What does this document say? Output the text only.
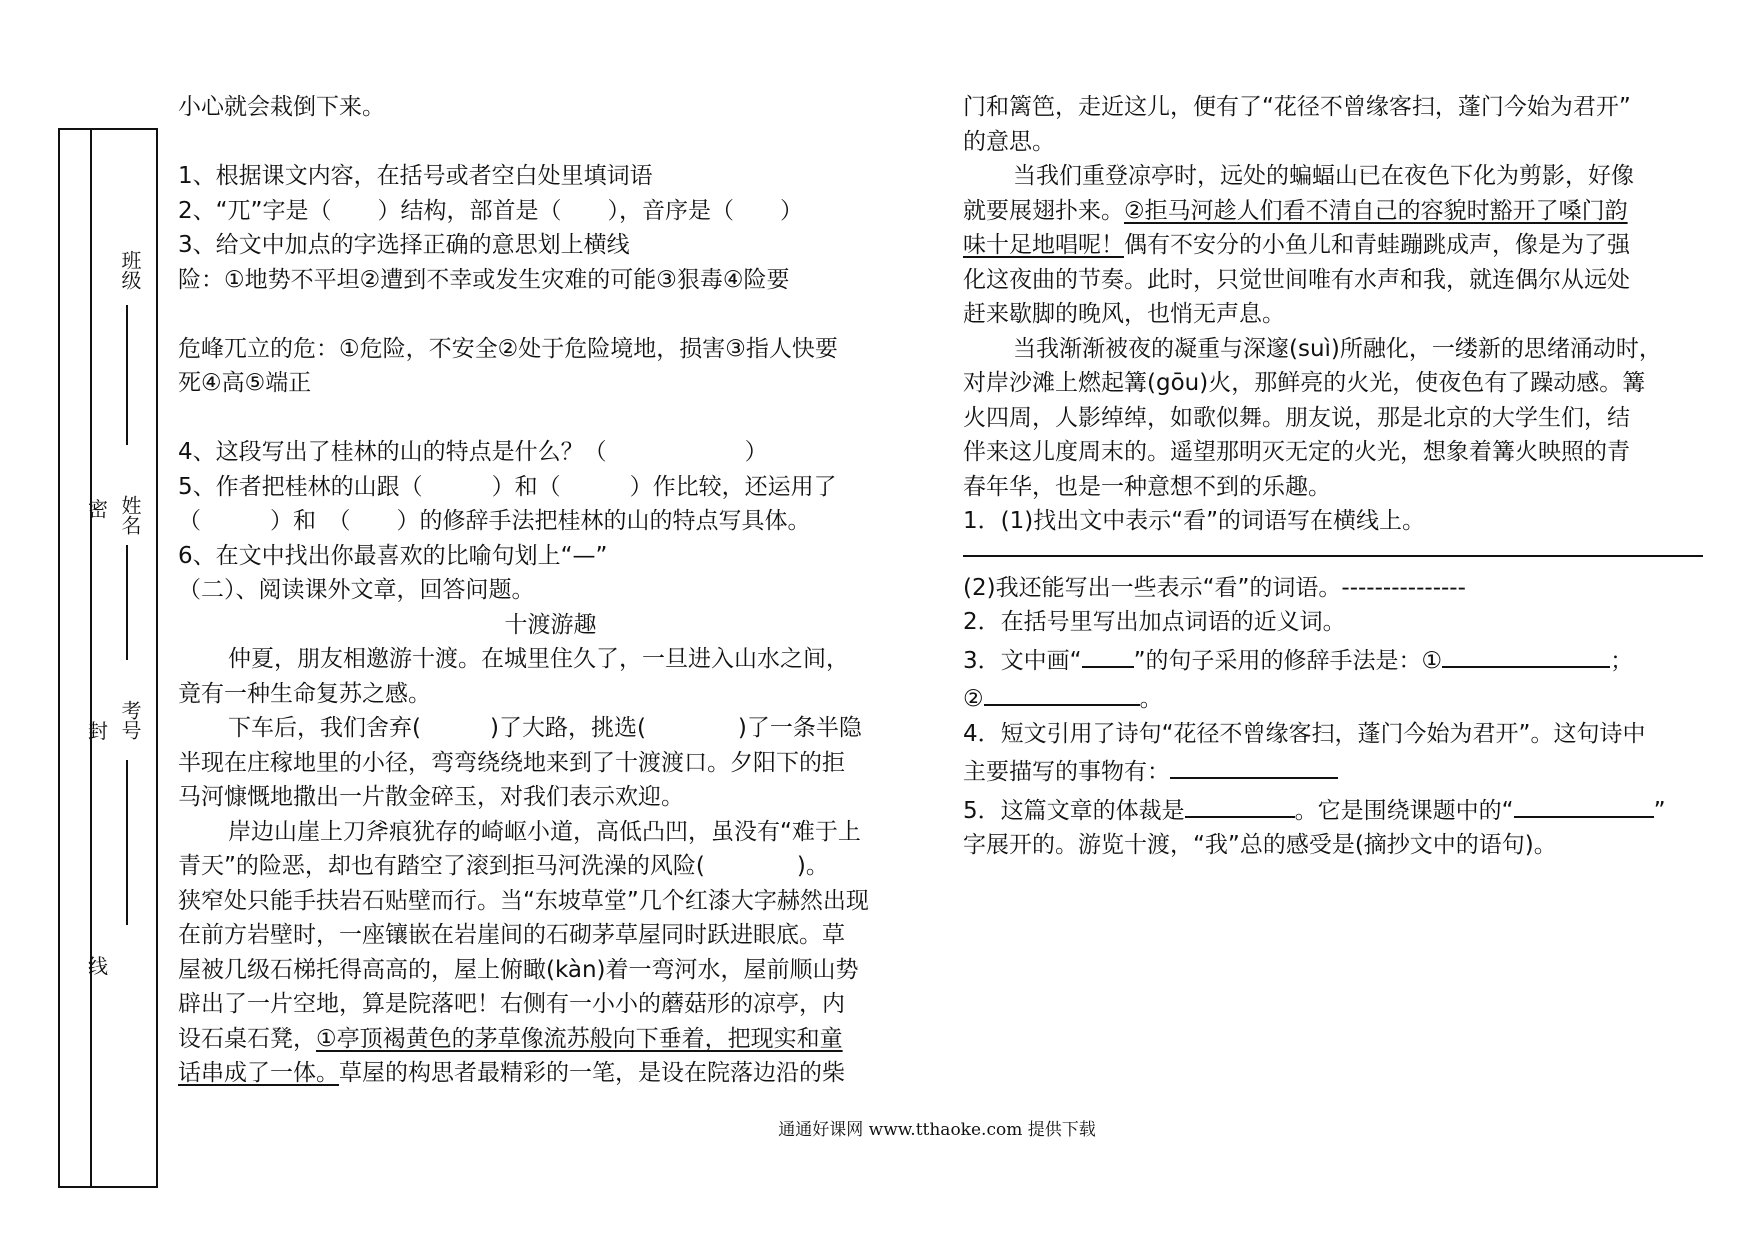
班级
姓名
考号
密
封
线

小心就会栽倒下来。

1、根据课文内容，在括号或者空白处里填词语

2、“兀”字是（　　）结构，部首是（　　），音序是（　　）

3、给文中加点的字选择正确的意思划上横线

险：①地势不平坦②遭到不幸或发生灾难的可能③狠毒④险要

危峰兀立的危：①危险，不安全②处于危险境地，损害③指人快要

死④高⑤端正

4、这段写出了桂林的山的特点是什么？（　　　　　　）

5、作者把桂林的山跟（　　　）和（　　　）作比较，还运用了

（　　　）和　（　　）的修辞手法把桂林的山的特点写具体。

6、在文中找出你最喜欢的比喻句划上“—”

（二）、阅读课外文章，回答问题。

十渡游趣

仲夏，朋友相邀游十渡。在城里住久了，一旦进入山水之间，

竟有一种生命复苏之感。

下车后，我们舍弃(　　　)了大路，挑选(　　　　)了一条半隐

半现在庄稼地里的小径，弯弯绕绕地来到了十渡渡口。夕阳下的拒

马河慷慨地撒出一片散金碎玉，对我们表示欢迎。

岸边山崖上刀斧痕犹存的崎岖小道，高低凸凹，虽没有“难于上

青天”的险恶，却也有踏空了滚到拒马河洗澡的风险(　　　　)。

狭窄处只能手扶岩石贴壁而行。当“东坡草堂”几个红漆大字赫然出现

在前方岩壁时，一座镶嵌在岩崖间的石砌茅草屋同时跃进眼底。草

屋被几级石梯托得高高的，屋上俯瞰(kàn)着一弯河水，屋前顺山势

辟出了一片空地，算是院落吧！右侧有一小小的蘑菇形的凉亭，内

设石桌石凳，①亭顶褐黄色的茅草像流苏般向下垂着，把现实和童

话串成了一体。草屋的构思者最精彩的一笔，是设在院落边沿的柴

门和篱笆，走近这儿，便有了“花径不曾缘客扫，蓬门今始为君开”

的意思。

当我们重登凉亭时，远处的蝙蝠山已在夜色下化为剪影，好像

就要展翅扑来。②拒马河趁人们看不清自己的容貌时豁开了嗓门韵

味十足地唱呢！偶有不安分的小鱼儿和青蛙蹦跳成声，像是为了强

化这夜曲的节奏。此时，只觉世间唯有水声和我，就连偶尔从远处

赶来歇脚的晚风，也悄无声息。

当我渐渐被夜的凝重与深邃(suì)所融化，一缕新的思绪涌动时，

对岸沙滩上燃起篝(gōu)火，那鲜亮的火光，使夜色有了躁动感。篝

火四周，人影绰绰，如歌似舞。朋友说，那是北京的大学生们，结

伴来这儿度周末的。遥望那明灭无定的火光，想象着篝火映照的青

春年华，也是一种意想不到的乐趣。

1．(1)找出文中表示“看”的词语写在横线上。

(2)我还能写出一些表示“看”的词语。---------------

2．在括号里写出加点词语的近义词。

3．文中画“ ”的句子采用的修辞手法是：①	；

②	。

4．短文引用了诗句“花径不曾缘客扫，蓬门今始为君开”。这句诗中

主要描写的事物有：

5．这篇文章的体裁是	。它是围绕课题中的“	”

字展开的。游览十渡，“我”总的感受是(摘抄文中的语句)。

通通好课网 www.tthaoke.com 提供下载
